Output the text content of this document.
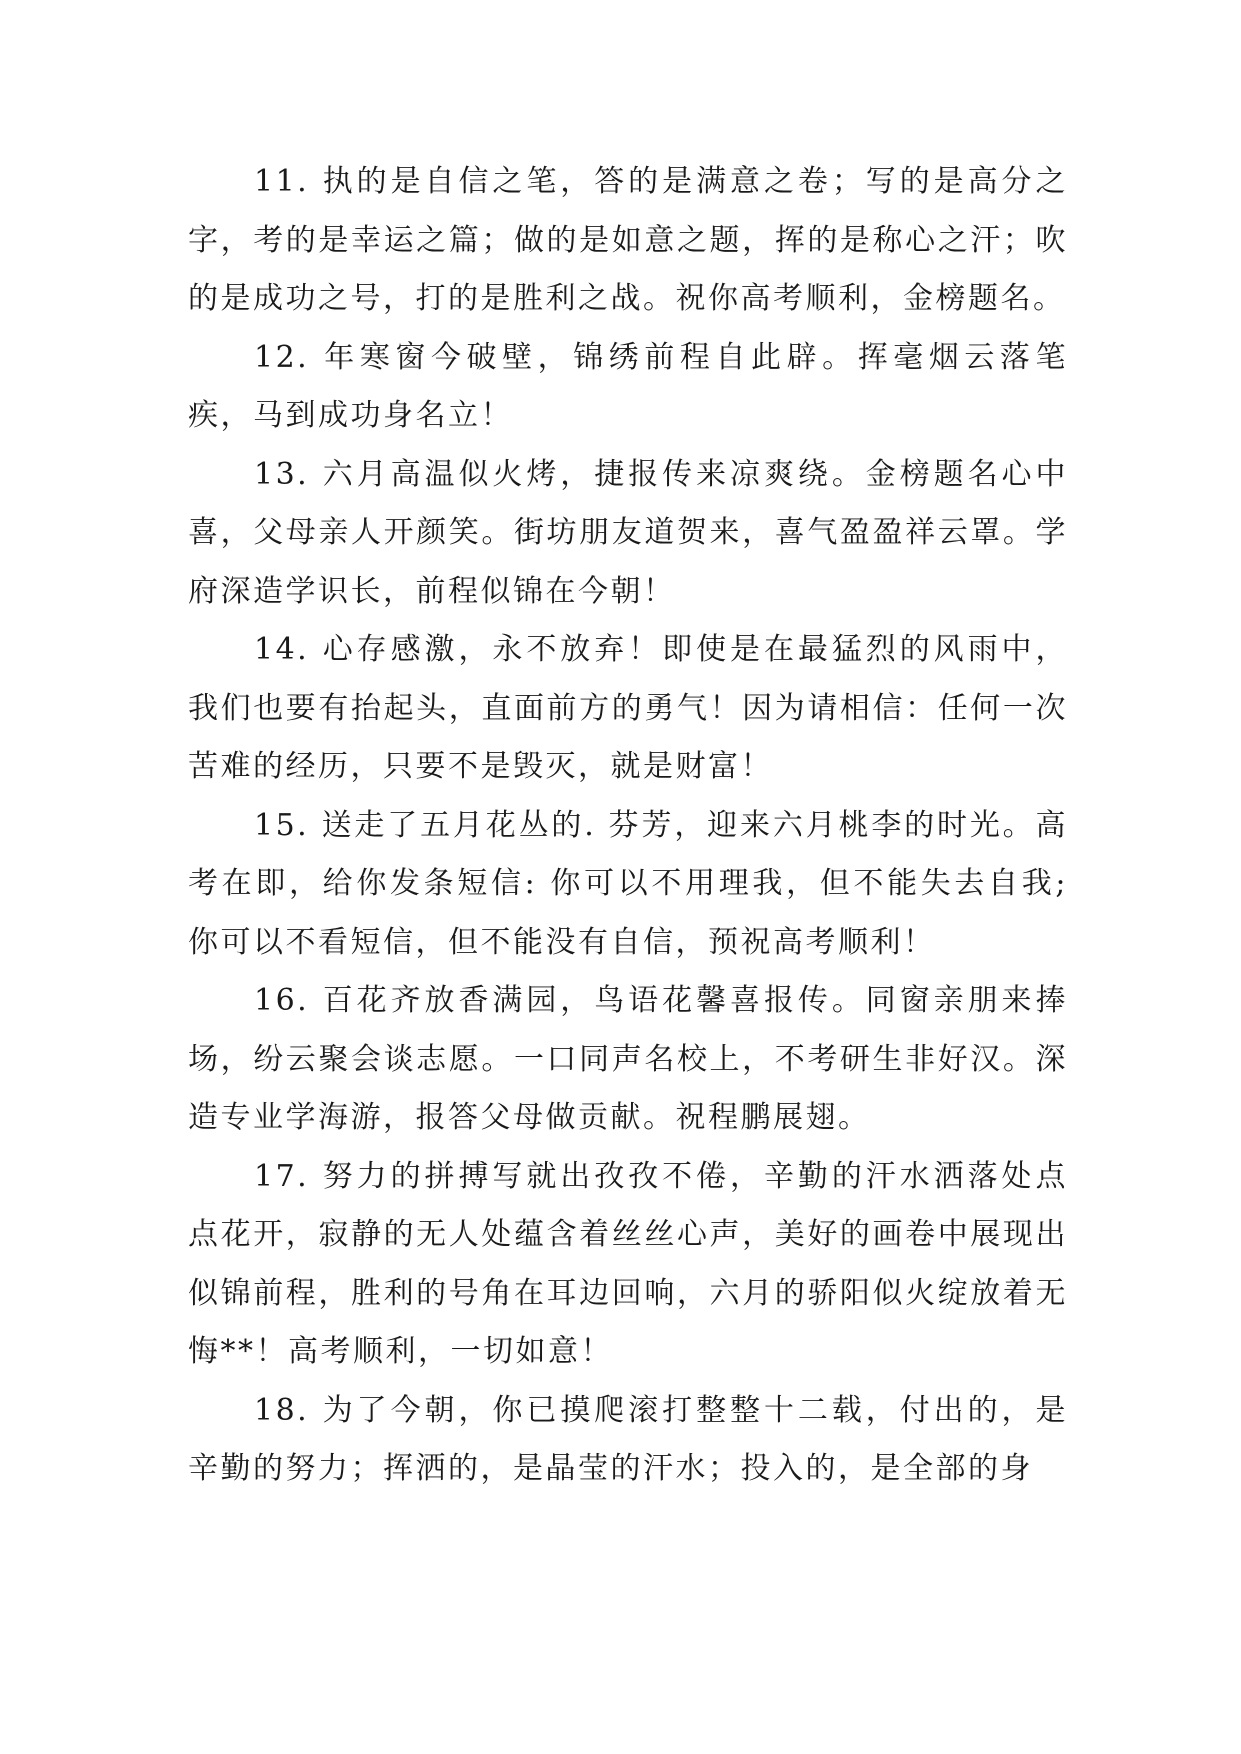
11. 执的是自信之笔，答的是满意之卷；写的是高分之字，考的是幸运之篇；做的是如意之题，挥的是称心之汗；吹的是成功之号，打的是胜利之战。祝你高考顺利，金榜题名。

12. 年寒窗今破壁，锦绣前程自此辟。挥毫烟云落笔疾，马到成功身名立！

13. 六月高温似火烤，捷报传来凉爽绕。金榜题名心中喜，父母亲人开颜笑。街坊朋友道贺来，喜气盈盈祥云罩。学府深造学识长，前程似锦在今朝！

14. 心存感激，永不放弃！即使是在最猛烈的风雨中，我们也要有抬起头，直面前方的勇气！因为请相信：任何一次苦难的经历，只要不是毁灭，就是财富！

15. 送走了五月花丛的. 芬芳，迎来六月桃李的时光。高考在即，给你发条短信: 你可以不用理我，但不能失去自我; 你可以不看短信，但不能没有自信，预祝高考顺利！

16. 百花齐放香满园，鸟语花馨喜报传。同窗亲朋来捧场，纷云聚会谈志愿。一口同声名校上，不考研生非好汉。深造专业学海游，报答父母做贡献。祝程鹏展翅。

17. 努力的拼搏写就出孜孜不倦，辛勤的汗水洒落处点点花开，寂静的无人处蕴含着丝丝心声，美好的画卷中展现出似锦前程，胜利的号角在耳边回响，六月的骄阳似火绽放着无悔**！高考顺利，一切如意！

18. 为了今朝，你已摸爬滚打整整十二载，付出的，是辛勤的努力；挥洒的，是晶莹的汗水；投入的，是全部的身
